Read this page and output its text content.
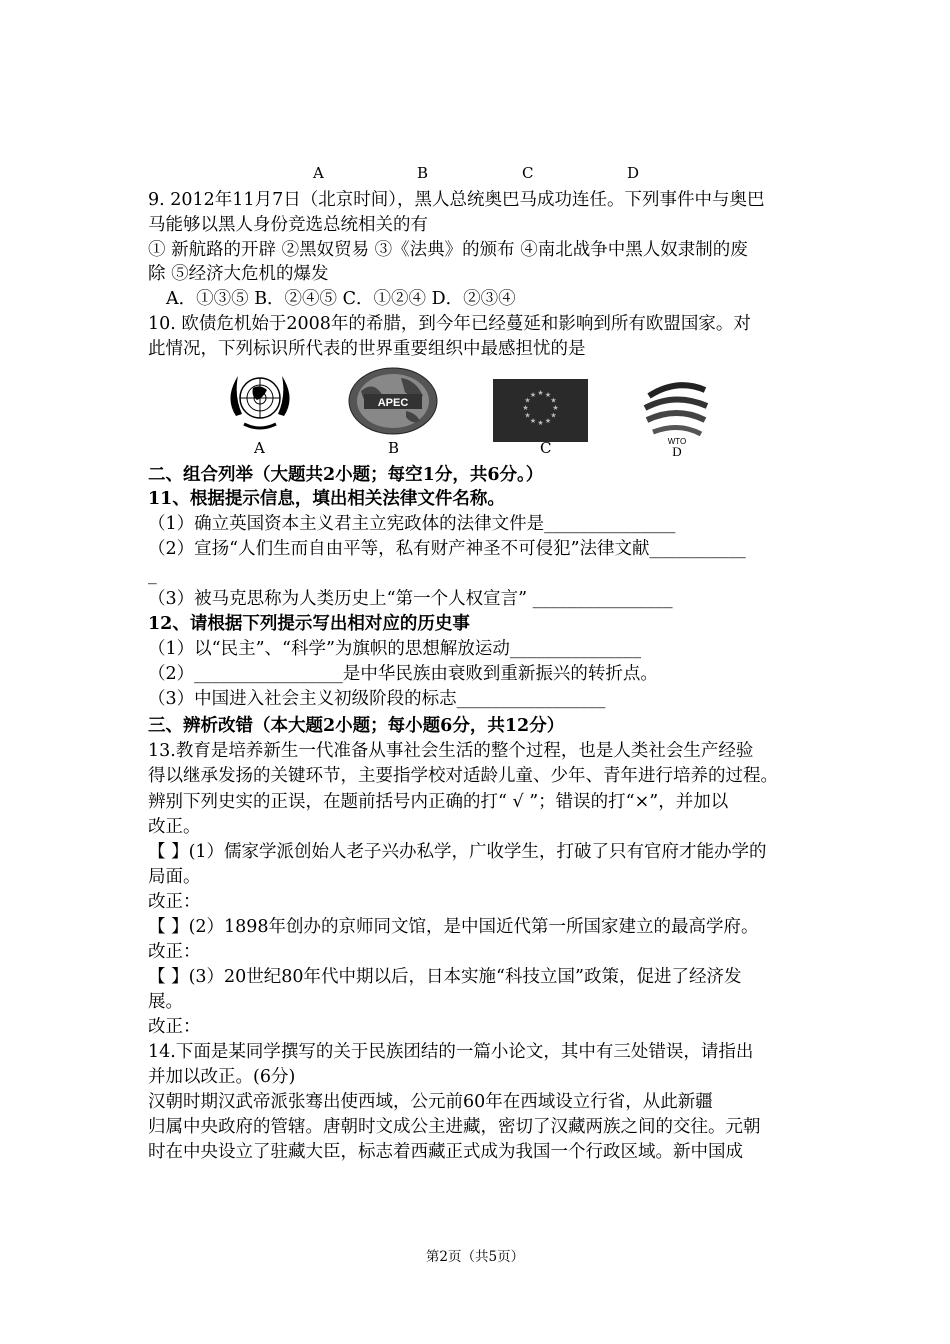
A	B	C	D
9. 2012年11月7日（北京时间），黑人总统奥巴马成功连任。下列事件中与奥巴
马能够以黑人身份竞选总统相关的有
① 新航路的开辟 ②黑奴贸易 ③《法典》的颁布 ④南北战争中黑人奴隶制的废
除 ⑤经济大危机的爆发
A．①③⑤ B．②④⑤ C．①②④ D．②③④
10. 欧债危机始于2008年的希腊，到今年已经蔓延和影响到所有欧盟国家。对
此情况，下列标识所代表的世界重要组织中最感担忧的是
APEC
★ ★
★
★
★
★
★
★
★
★
★
★
WTO
D
A	B	C
二、组合列举（大题共2小题；每空1分，共6分。）
11、根据提示信息，填出相关法律文件名称。
（1）确立英国资本主义君主立宪政体的法律文件是_______________
（2）宣扬“人们生而自由平等，私有财产神圣不可侵犯”法律文献___________
_
（3）被马克思称为人类历史上“第一个人权宣言” ________________
12、请根据下列提示写出相对应的历史事
（1）以“民主”、“科学”为旗帜的思想解放运动_______________
（2）_________________是中华民族由衰败到重新振兴的转折点。
（3）中国进入社会主义初级阶段的标志_________________
三、辨析改错（本大题2小题；每小题6分，共12分）
13.教育是培养新生一代准备从事社会生活的整个过程，也是人类社会生产经验
得以继承发扬的关键环节，主要指学校对适龄儿童、少年、青年进行培养的过程。
辨别下列史实的正误，在题前括号内正确的打“ √ ”；错误的打“×”，并加以
改正。
【 】(1）儒家学派创始人老子兴办私学，广收学生，打破了只有官府才能办学的
局面。
改正：
【 】(2）1898年创办的京师同文馆，是中国近代第一所国家建立的最高学府。
改正：
【 】(3）20世纪80年代中期以后，日本实施“科技立国”政策，促进了经济发
展。
改正：
14.下面是某同学撰写的关于民族团结的一篇小论文，其中有三处错误，请指出
并加以改正。(6分)
汉朝时期汉武帝派张骞出使西域，公元前60年在西域设立行省，从此新疆
归属中央政府的管辖。唐朝时文成公主进藏，密切了汉藏两族之间的交往。元朝
时在中央设立了驻藏大臣，标志着西藏正式成为我国一个行政区域。新中国成
第2页（共5页）
